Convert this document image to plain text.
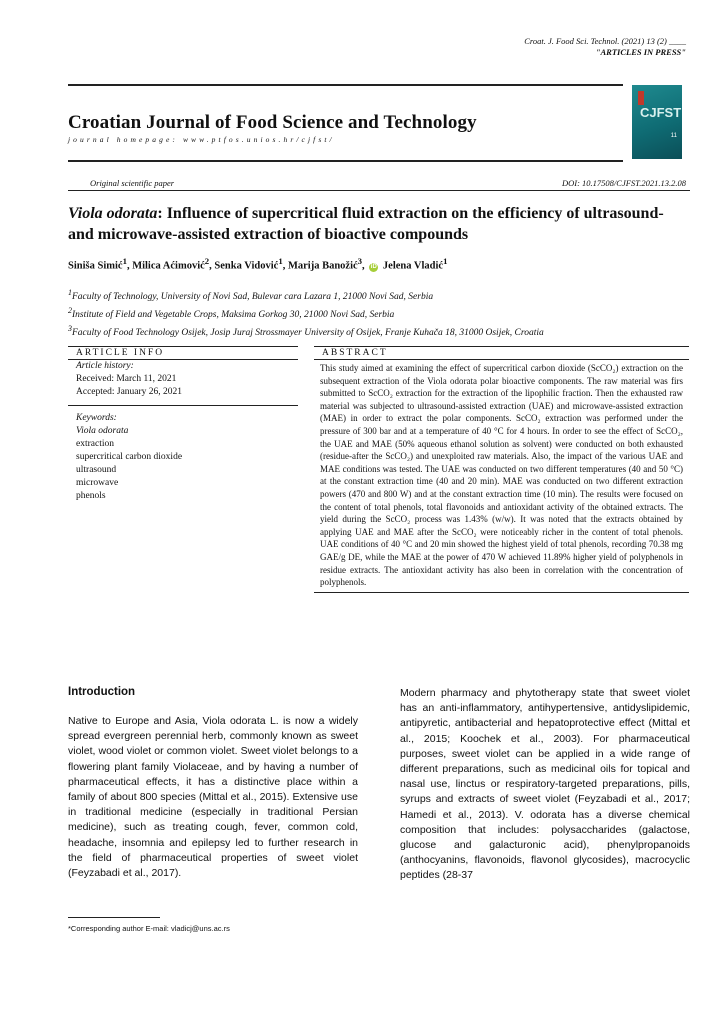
Croat. J. Food Sci. Technol. (2021) 13 (2) ____
"ARTICLES IN PRESS"
Croatian Journal of Food Science and Technology
journal homepage: www.ptfos.unios.hr/cjfst/
CJFST
11
Original scientific paper	DOI: 10.17508/CJFST.2021.13.2.08
Viola odorata: Influence of supercritical fluid extraction on the efficiency of ultrasound- and microwave-assisted extraction of bioactive compounds
Siniša Simić$^1$, Milica Aćimović$^2$, Senka Vidović$^1$, Marija Banožić$^3$, iD Jelena Vladić$^1$
$^1$Faculty of Technology, University of Novi Sad, Bulevar cara Lazara 1, 21000 Novi Sad, Serbia
$^2$Institute of Field and Vegetable Crops, Maksima Gorkog 30, 21000 Novi Sad, Serbia
$^3$Faculty of Food Technology Osijek, Josip Juraj Strossmayer University of Osijek, Franje Kuhača 18, 31000 Osijek, Croatia
ARTICLE INFO
Article history:
Received: March 11, 2021
Accepted: January 26, 2021
Keywords:
Viola odorata
extraction
supercritical carbon dioxide
ultrasound
microwave
phenols
ABSTRACT
This study aimed at examining the effect of supercritical carbon dioxide (ScCO₂) extraction on the subsequent extraction of the Viola odorata polar bioactive components. The raw material was firs submitted to ScCO₂ extraction for the extraction of the lipophilic fraction. Then the exhausted raw material was subjected to ultrasound-assisted extraction (UAE) and microwave-assisted extraction (MAE) in order to extract the polar components. ScCO₂ extraction was performed under the pressure of 300 bar and at a temperature of 40 °C for 4 hours. In order to see the effect of ScCO₂, the UAE and MAE (50% aqueous ethanol solution as solvent) were conducted on both exhausted (residue-after the ScCO₂) and unexploited raw materials. Also, the impact of the various UAE and MAE conditions was tested. The UAE was conducted on two different temperatures (40 and 50 °C) at the constant extraction time (40 and 20 min). MAE was conducted on two different extraction powers (470 and 800 W) and at the constant extraction time (10 min). The results were focused on the content of total phenols, total flavonoids and antioxidant activity of the obtained extracts. The yield during the ScCO₂ process was 1.43% (w/w). It was noted that the extracts obtained by applying UAE and MAE after the ScCO₂ were noticeably richer in the content of total phenols. UAE conditions of 40 °C and 20 min showed the highest yield of total phenols, recording 70.38 mg GAE/g DE, while the MAE at the power of 470 W achieved 11.89% higher yield of polyphenols in residue extracts. The antioxidant activity has also been in correlation with the concentration of polyphenols.
Introduction
Native to Europe and Asia, Viola odorata L. is now a widely spread evergreen perennial herb, commonly known as sweet violet, wood violet or common violet. Sweet violet belongs to a flowering plant family Violaceae, and by having a number of pharmaceutical effects, it has a distinctive place within a family of about 800 species (Mittal et al., 2015). Extensive use in traditional medicine (especially in traditional Persian medicine), such as treating cough, fever, common cold, headache, insomnia and epilepsy led to further research in the field of pharmaceutical properties of sweet violet (Feyzabadi et al., 2017).
Modern pharmacy and phytotherapy state that sweet violet has an anti-inflammatory, antihypertensive, antidyslipidemic, antipyretic, antibacterial and hepatoprotective effect (Mittal et al., 2015; Koochek et al., 2003). For pharmaceutical purposes, sweet violet can be applied in a wide range of different preparations, such as medicinal oils for topical and nasal use, linctus or respiratory-targeted preparations, pills, syrups and extracts of sweet violet (Feyzabadi et al., 2017; Hamedi et al., 2013). V. odorata has a diverse chemical composition that includes: polysaccharides (galactose, glucose and galacturonic acid), phenylpropanoids (anthocyanins, flavonoids, flavonol glycosides), macrocyclic peptides (28-37
*Corresponding author E-mail: vladicj@uns.ac.rs
